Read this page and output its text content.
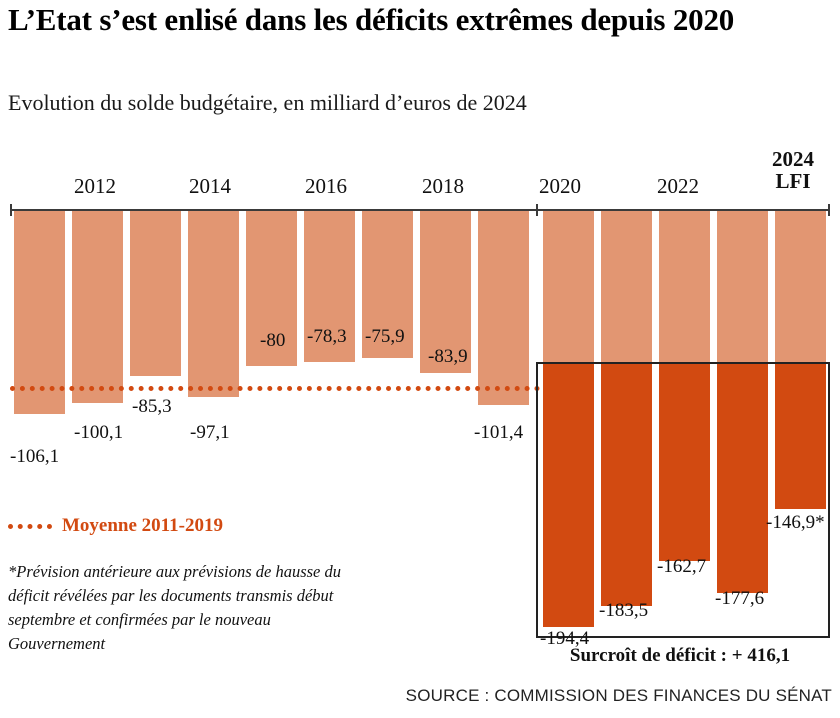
L’Etat s’est enlisé dans les déficits extrêmes depuis 2020
Evolution du solde budgétaire, en milliard d’euros de 2024
2012	2014	2016	2018	2020	2022
2024
LFI
-106,1
-100,1
-85,3
-97,1
-80 -78,3 -75,9
-83,9
-101,4
-194,4
-183,5
-162,7
-177,6
-146,9*
Moyenne 2011-2019
*Prévision antérieure aux prévisions de hausse du déficit révélées par les documents transmis début septembre et confirmées par le nouveau Gouvernement
Surcroît de déficit : + 416,1
SOURCE : COMMISSION DES FINANCES DU SÉNAT
